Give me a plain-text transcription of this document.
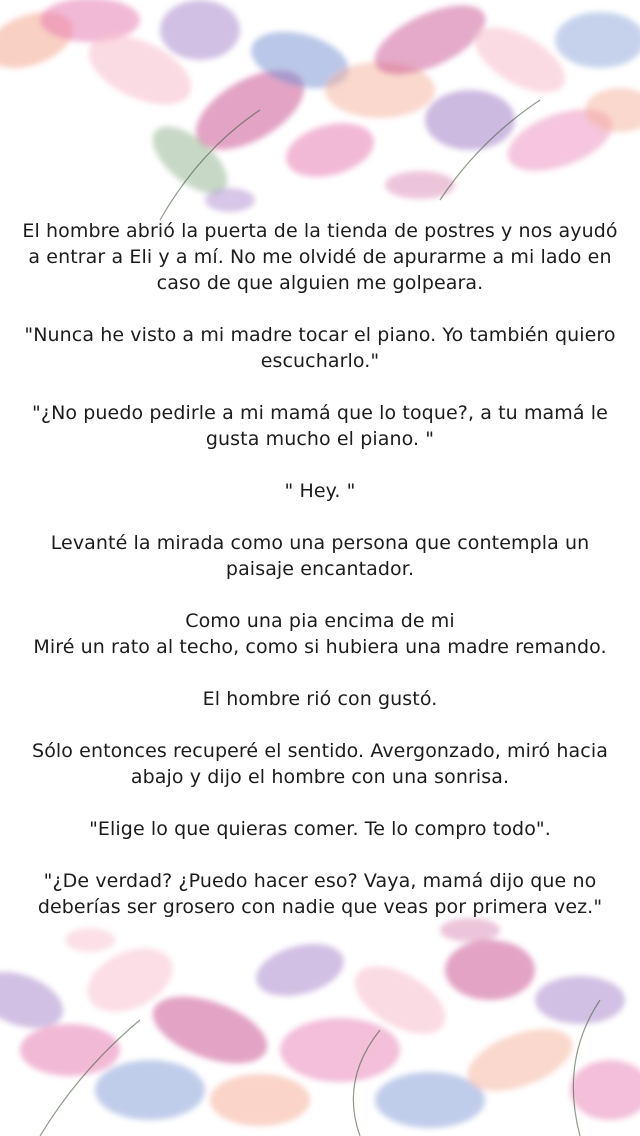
El hombre abrió la puerta de la tienda de postres y nos ayudó
a entrar a Eli y a mí. No me olvidé de apurarme a mi lado en
caso de que alguien me golpeara.

"Nunca he visto a mi madre tocar el piano. Yo también quiero
escucharlo."

"¿No puedo pedirle a mi mamá que lo toque?, a tu mamá le
gusta mucho el piano. "

" Hey. "

Levanté la mirada como una persona que contempla un
paisaje encantador.

Como una pia encima de mi
Miré un rato al techo, como si hubiera una madre remando.

El hombre rió con gustó.

Sólo entonces recuperé el sentido. Avergonzado, miró hacia
abajo y dijo el hombre con una sonrisa.

"Elige lo que quieras comer. Te lo compro todo".

"¿De verdad? ¿Puedo hacer eso? Vaya, mamá dijo que no
deberías ser grosero con nadie que veas por primera vez."
